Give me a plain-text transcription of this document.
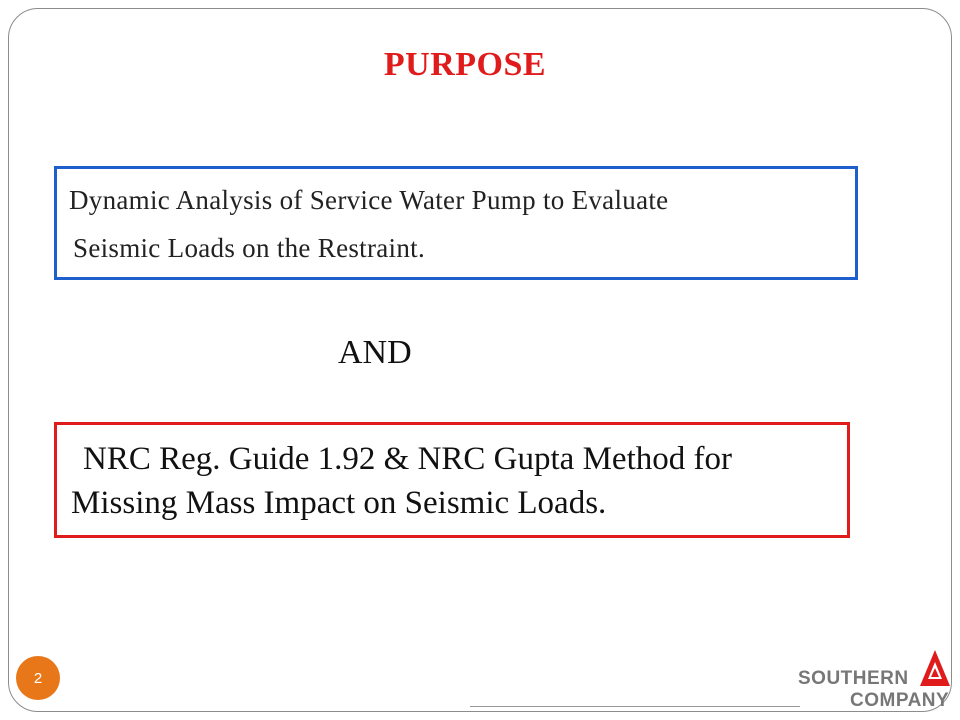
PURPOSE
Dynamic Analysis of Service Water Pump to Evaluate
Seismic Loads on the Restraint.
AND
NRC Reg. Guide 1.92 & NRC Gupta Method for
Missing Mass Impact on Seismic Loads.
2	SOUTHERN
COMPANY
